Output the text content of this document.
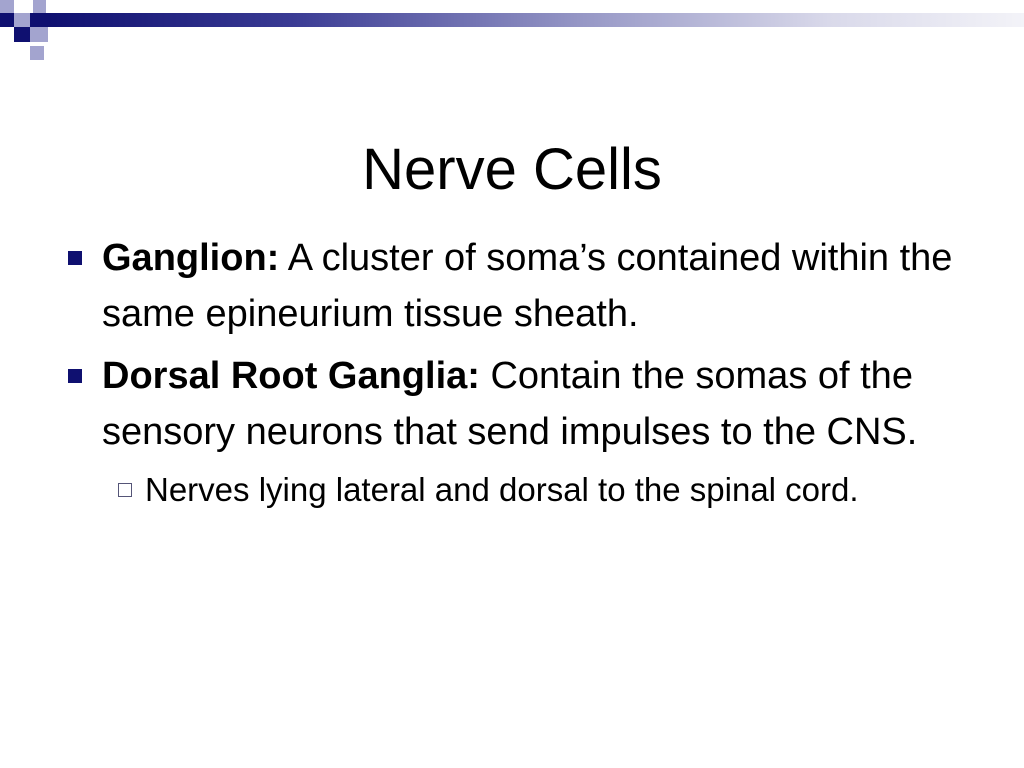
Nerve Cells
Ganglion: A cluster of soma’s contained within the same epineurium tissue sheath.
Dorsal Root Ganglia: Contain the somas of the sensory neurons that send impulses to the CNS.
Nerves lying lateral and dorsal to the spinal cord.
